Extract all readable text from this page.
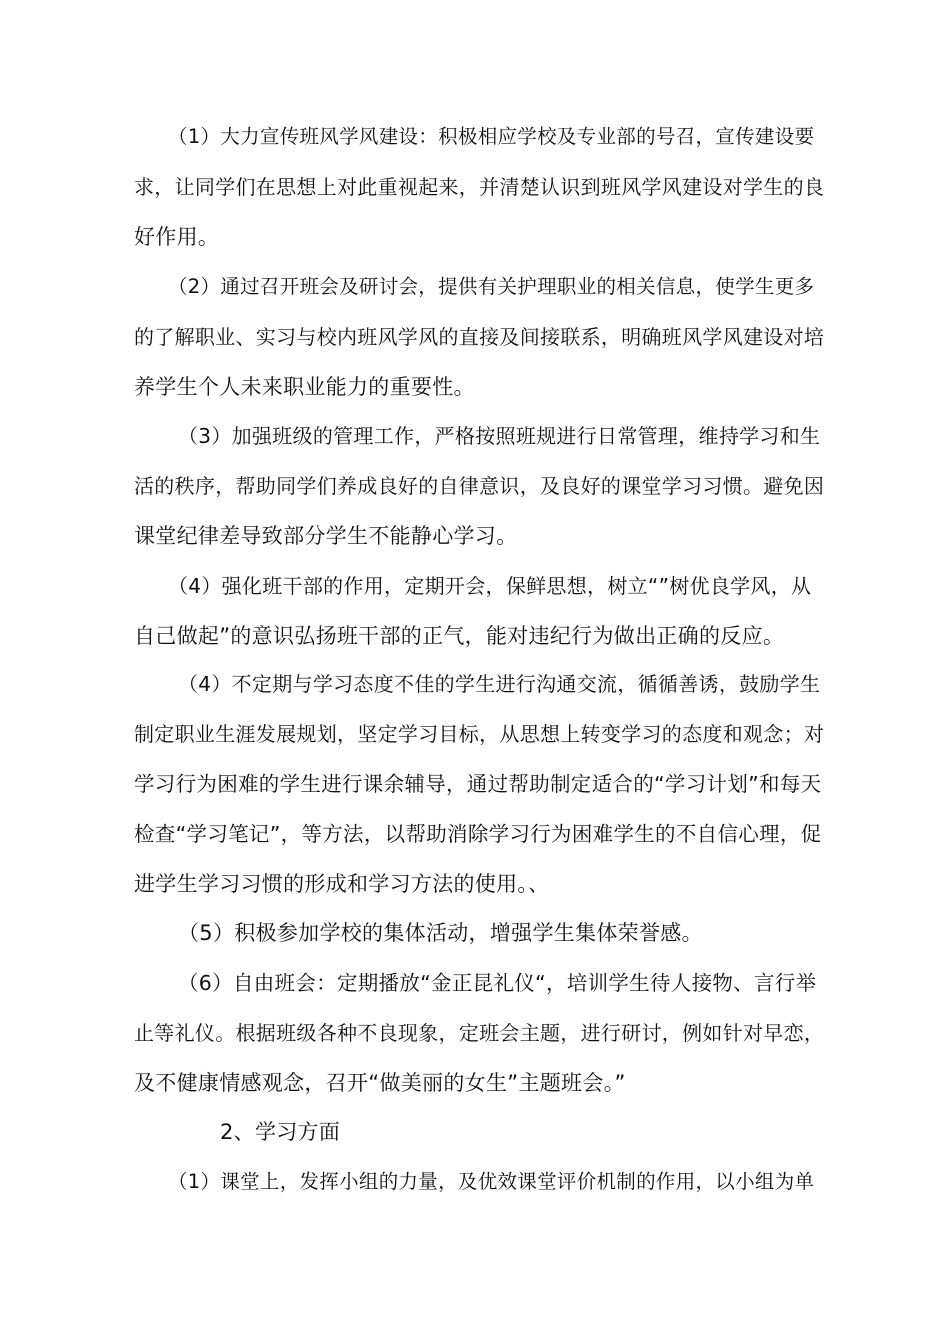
（1）大力宣传班风学风建设：积极相应学校及专业部的号召，宣传建设要
求，让同学们在思想上对此重视起来，并清楚认识到班风学风建设对学生的良
好作用。
（2）通过召开班会及研讨会，提供有关护理职业的相关信息，使学生更多
的了解职业、实习与校内班风学风的直接及间接联系，明确班风学风建设对培
养学生个人未来职业能力的重要性。
（3）加强班级的管理工作，严格按照班规进行日常管理，维持学习和生
活的秩序，帮助同学们养成良好的自律意识，及良好的课堂学习习惯。避免因
课堂纪律差导致部分学生不能静心学习。
（4）强化班干部的作用，定期开会，保鲜思想，树立“”树优良学风，从
自己做起”的意识弘扬班干部的正气，能对违纪行为做出正确的反应。
（4）不定期与学习态度不佳的学生进行沟通交流，循循善诱，鼓励学生
制定职业生涯发展规划，坚定学习目标，从思想上转变学习的态度和观念；对
学习行为困难的学生进行课余辅导，通过帮助制定适合的“学习计划”和每天
检查“学习笔记”，等方法，以帮助消除学习行为困难学生的不自信心理，促
进学生学习习惯的形成和学习方法的使用。、
（5）积极参加学校的集体活动，增强学生集体荣誉感。
（6）自由班会：定期播放“金正昆礼仪“，培训学生待人接物、言行举
止等礼仪。根据班级各种不良现象，定班会主题，进行研讨，例如针对早恋，
及不健康情感观念，召开“做美丽的女生”主题班会。”
2、学习方面
（1）课堂上，发挥小组的力量，及优效课堂评价机制的作用，以小组为单
